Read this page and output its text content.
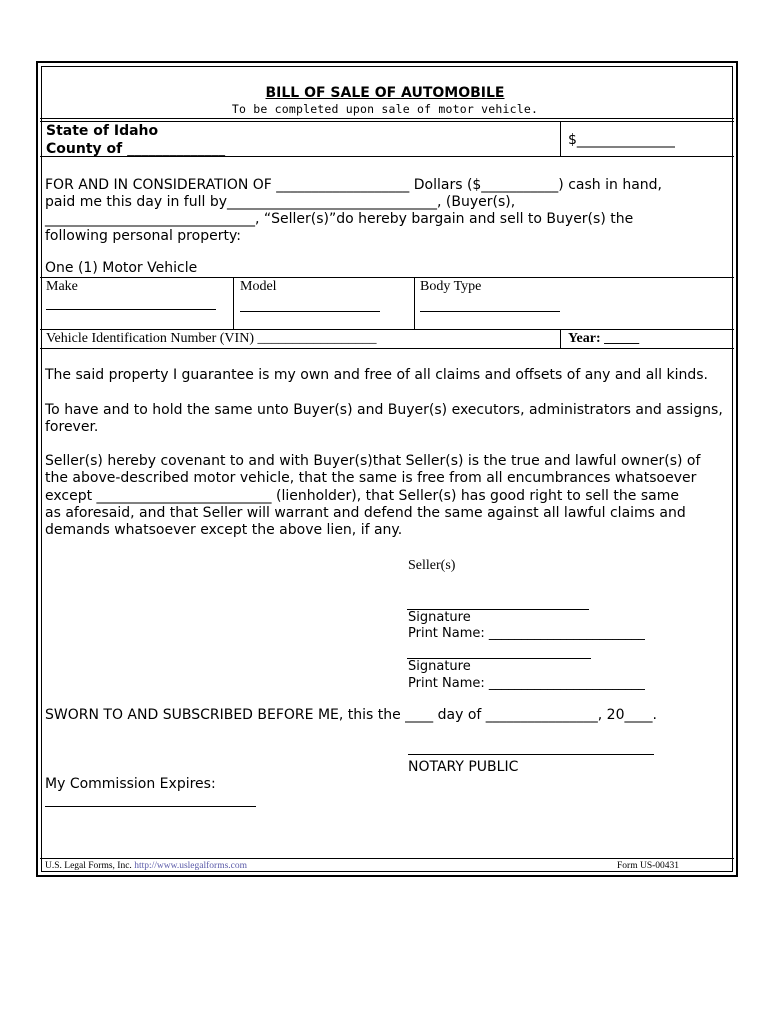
BILL OF SALE OF AUTOMOBILE
To be completed upon sale of motor vehicle.
State of Idaho
County of ______________
$______________
FOR AND IN CONSIDERATION OF ___________________ Dollars ($___________) cash in hand,
paid me this day in full by______________________________, (Buyer(s),
______________________________, “Seller(s)”do hereby bargain and sell to Buyer(s) the
following personal property:
One (1) Motor Vehicle
Make	Model	Body Type
Vehicle Identification Number (VIN) _________________	Year: _____
The said property I guarantee is my own and free of all claims and offsets of any and all kinds.
To have and to hold the same unto Buyer(s) and Buyer(s) executors, administrators and assigns,
forever.
Seller(s) hereby covenant to and with Buyer(s)that Seller(s) is the true and lawful owner(s) of
the above-described motor vehicle, that the same is free from all encumbrances whatsoever
except _________________________ (lienholder), that Seller(s) has good right to sell the same
as aforesaid, and that Seller will warrant and defend the same against all lawful claims and
demands whatsoever except the above lien, if any.
Seller(s)
Signature
Print Name: ________________________
Signature
Print Name: ________________________
SWORN TO AND SUBSCRIBED BEFORE ME, this the ____ day of ________________, 20____.
NOTARY PUBLIC
My Commission Expires:
U.S. Legal Forms, Inc. http://www.uslegalforms.com	Form US-00431
